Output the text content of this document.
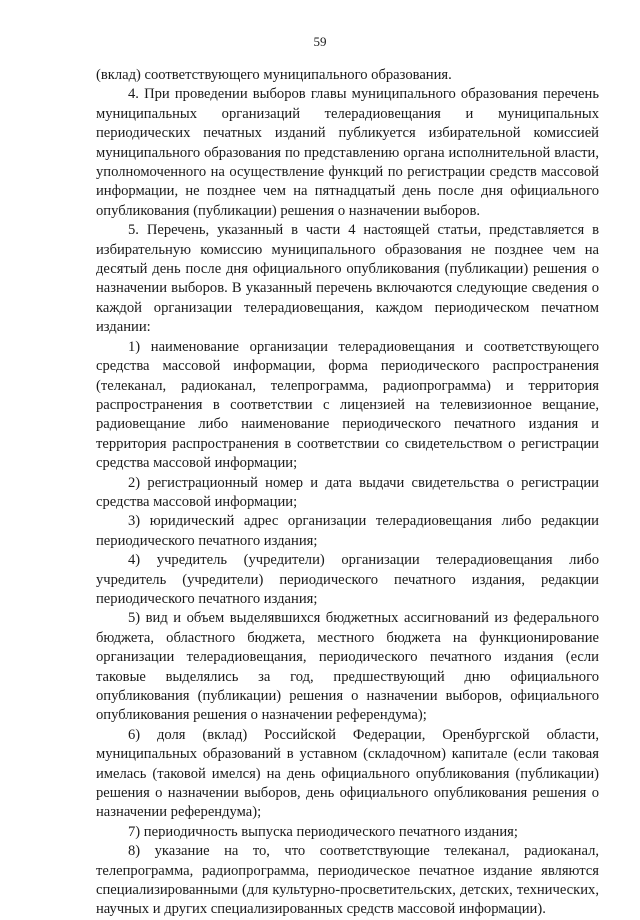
59

(вклад) соответствующего муниципального образования.

4. При проведении выборов главы муниципального образования перечень муниципальных организаций телерадиовещания и муниципальных периодических печатных изданий публикуется избирательной комиссией муниципального образования по представлению органа исполнительной власти, уполномоченного на осуществление функций по регистрации средств массовой информации, не позднее чем на пятнадцатый день после дня официального опубликования (публикации) решения о назначении выборов.

5. Перечень, указанный в части 4 настоящей статьи, представляется в избирательную комиссию муниципального образования не позднее чем на десятый день после дня официального опубликования (публикации) решения о назначении выборов. В указанный перечень включаются следующие сведения о каждой организации телерадиовещания, каждом периодическом печатном издании:

1) наименование организации телерадиовещания и соответствующего средства массовой информации, форма периодического распространения (телеканал, радиоканал, телепрограмма, радиопрограмма) и территория распространения в соответствии с лицензией на телевизионное вещание, радиовещание либо наименование периодического печатного издания и территория распространения в соответствии со свидетельством о регистрации средства массовой информации;

2) регистрационный номер и дата выдачи свидетельства о регистрации средства массовой информации;

3) юридический адрес организации телерадиовещания либо редакции периодического печатного издания;

4) учредитель (учредители) организации телерадиовещания либо учредитель (учредители) периодического печатного издания, редакции периодического печатного издания;

5) вид и объем выделявшихся бюджетных ассигнований из федерального бюджета, областного бюджета, местного бюджета на функционирование организации телерадиовещания, периодического печатного издания (если таковые выделялись за год, предшествующий дню официального опубликования (публикации) решения о назначении выборов, официального опубликования решения о назначении референдума);

6) доля (вклад) Российской Федерации, Оренбургской области, муниципальных образований в уставном (складочном) капитале (если таковая имелась (таковой имелся) на день официального опубликования (публикации) решения о назначении выборов, день официального опубликования решения о назначении референдума);

7) периодичность выпуска периодического печатного издания;

8) указание на то, что соответствующие телеканал, радиоканал, телепрограмма, радиопрограмма, периодическое печатное издание являются специализированными (для культурно-просветительских, детских, технических, научных и других специализированных средств массовой информации).
